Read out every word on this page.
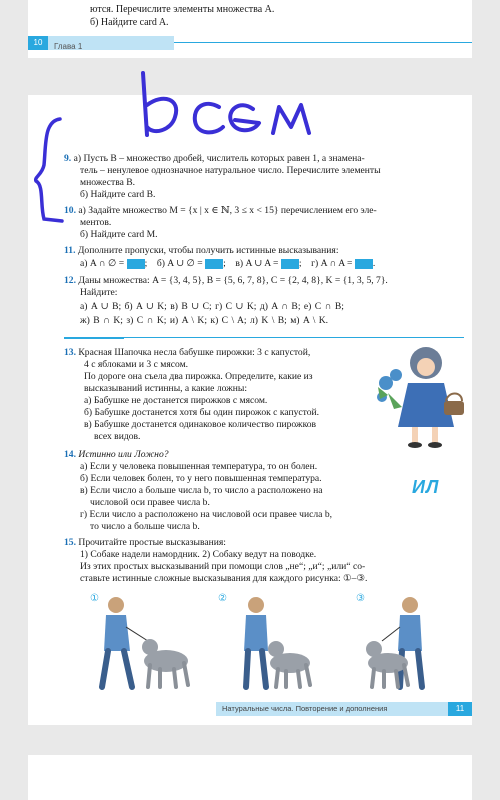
ются. Перечислите элементы множества A.
б) Найдите card A.
10	Глава 1
всем
9. а) Пусть B – множество дробей, числитель которых равен 1, а знамена-
тель – ненулевое однозначное натуральное число. Перечислите элементы
множества B.
б) Найдите card B.
10. а) Задайте множество M = {x | x ∈ ℕ, 3 ≤ x < 15} перечислением его эле-
ментов.
б) Найдите card M.
11. Дополните пропуски, чтобы получить истинные высказывания:
а) A ∩ ∅ = ;    б) A ∪ ∅ = ;    в) A ∪ A = ;    г) A ∩ A = .
12. Даны множества: A = {3, 4, 5}, B = {5, 6, 7, 8}, C = {2, 4, 8}, K = {1, 3, 5, 7}.
Найдите:
а) A ∪ B; б) A ∪ K; в) B ∪ C; г) C ∪ K; д) A ∩ B; е) C ∩ B;
ж) B ∩ K; з) C ∩ K; и) A \ K; к) C \ A; л) K \ B; м) A \ K.
13. Красная Шапочка несла бабушке пирожки: 3 с капустой,
4 с яблоками и 3 с мясом.
По дороге она съела два пирожка. Определите, какие из
высказываний истинны, а какие ложны:
а) Бабушке не достанется пирожков с мясом.
б) Бабушке достанется хотя бы один пирожок с капустой.
в) Бабушке достанется одинаковое количество пирожков
всех видов.
14. Истинно или Ложно?
а) Если у человека повышенная температура, то он болен.
б) Если человек болен, то у него повышенная температура.
в) Если число a больше числа b, то число a расположено на
числовой оси правее числа b.
г) Если число a расположено на числовой оси правее числа b,
то число a больше числа b.
И Л
15. Прочитайте простые высказывания:
1) Собаке надели намордник. 2) Собаку ведут на поводке.
Из этих простых высказываний при помощи слов „не“; „и“; „или“ со-
ставьте истинные сложные высказывания для каждого рисунка: ①–③.
①	②	③
Натуральные числа. Повторение и дополнения	11
